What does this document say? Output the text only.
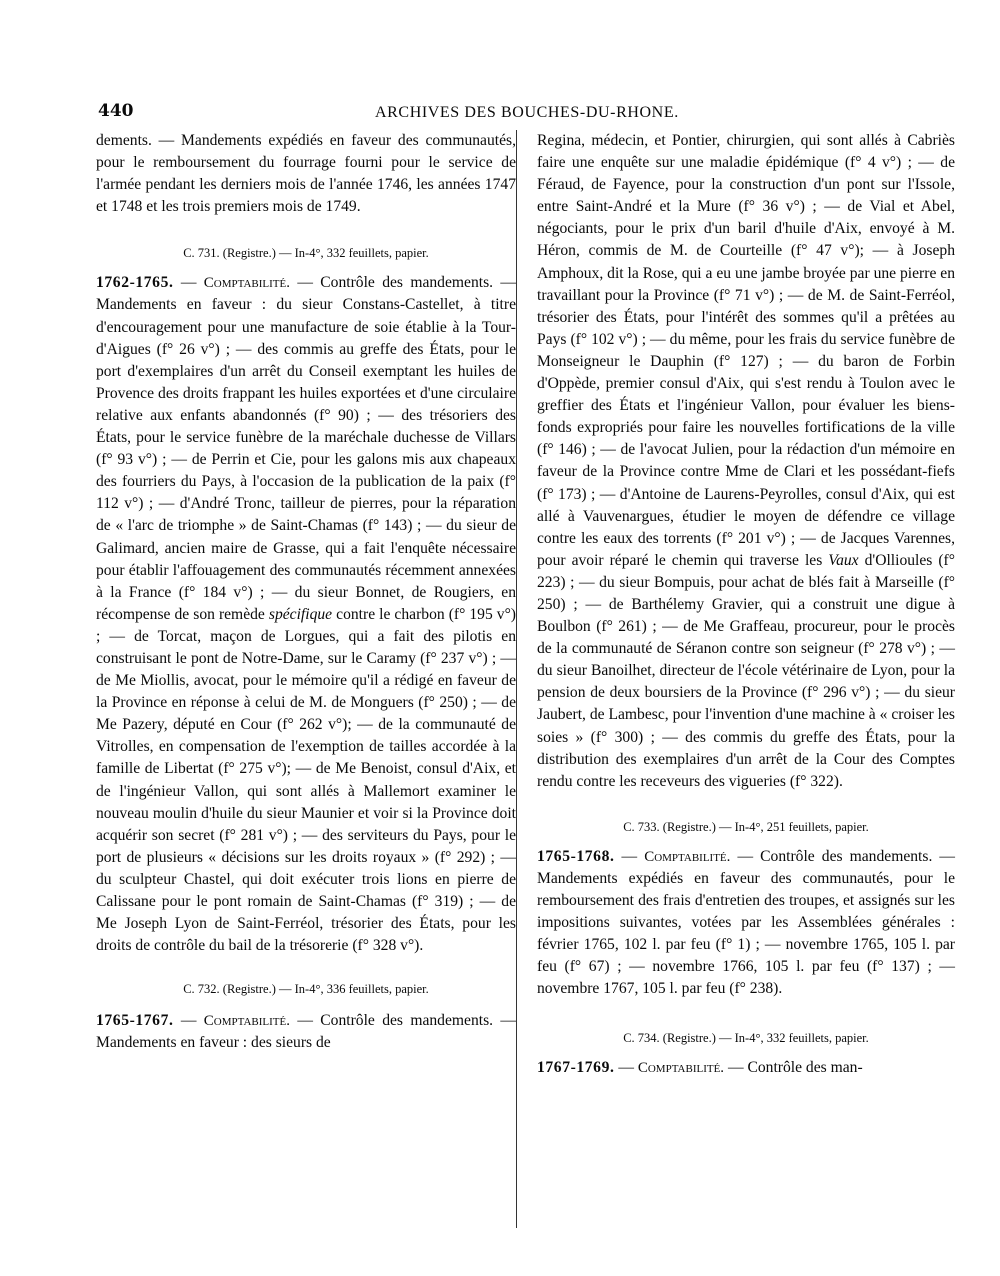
440	ARCHIVES DES BOUCHES-DU-RHONE.

dements. — Mandements expédiés en faveur des communautés, pour le remboursement du fourrage fourni pour le service de l'armée pendant les derniers mois de l'année 1746, les années 1747 et 1748 et les trois premiers mois de 1749.

C. 731. (Registre.) — In-4°, 332 feuillets, papier.

1762-1765. — Comptabilité. — Contrôle des mandements. — Mandements en faveur : du sieur Constans-Castellet, à titre d'encouragement pour une manufacture de soie établie à la Tour-d'Aigues (f° 26 v°) ; — des commis au greffe des États, pour le port d'exemplaires d'un arrêt du Conseil exemptant les huiles de Provence des droits frappant les huiles exportées et d'une circulaire relative aux enfants abandonnés (f° 90) ; — des trésoriers des États, pour le service funèbre de la maréchale duchesse de Villars (f° 93 v°) ; — de Perrin et Cie, pour les galons mis aux chapeaux des fourriers du Pays, à l'occasion de la publication de la paix (f° 112 v°) ; — d'André Tronc, tailleur de pierres, pour la réparation de « l'arc de triomphe » de Saint-Chamas (f° 143) ; — du sieur de Galimard, ancien maire de Grasse, qui a fait l'enquête nécessaire pour établir l'affouagement des communautés récemment annexées à la France (f° 184 v°) ; — du sieur Bonnet, de Rougiers, en récompense de son remède spécifique contre le charbon (f° 195 v°) ; — de Torcat, maçon de Lorgues, qui a fait des pilotis en construisant le pont de Notre-Dame, sur le Caramy (f° 237 v°) ; — de Me Miollis, avocat, pour le mémoire qu'il a rédigé en faveur de la Province en réponse à celui de M. de Monguers (f° 250) ; — de Me Pazery, député en Cour (f° 262 v°); — de la communauté de Vitrolles, en compensation de l'exemption de tailles accordée à la famille de Libertat (f° 275 v°); — de Me Benoist, consul d'Aix, et de l'ingénieur Vallon, qui sont allés à Mallemort examiner le nouveau moulin d'huile du sieur Maunier et voir si la Province doit acquérir son secret (f° 281 v°) ; — des serviteurs du Pays, pour le port de plusieurs « décisions sur les droits royaux » (f° 292) ; — du sculpteur Chastel, qui doit exécuter trois lions en pierre de Calissane pour le pont romain de Saint-Chamas (f° 319) ; — de Me Joseph Lyon de Saint-Ferréol, trésorier des États, pour les droits de contrôle du bail de la trésorerie (f° 328 v°).

C. 732. (Registre.) — In-4°, 336 feuillets, papier.

1765-1767. — Comptabilité. — Contrôle des mandements. — Mandements en faveur : des sieurs de

Regina, médecin, et Pontier, chirurgien, qui sont allés à Cabriès faire une enquête sur une maladie épidémique (f° 4 v°) ; — de Féraud, de Fayence, pour la construction d'un pont sur l'Issole, entre Saint-André et la Mure (f° 36 v°) ; — de Vial et Abel, négociants, pour le prix d'un baril d'huile d'Aix, envoyé à M. Héron, commis de M. de Courteille (f° 47 v°); — à Joseph Amphoux, dit la Rose, qui a eu une jambe broyée par une pierre en travaillant pour la Province (f° 71 v°) ; — de M. de Saint-Ferréol, trésorier des États, pour l'intérêt des sommes qu'il a prêtées au Pays (f° 102 v°) ; — du même, pour les frais du service funèbre de Monseigneur le Dauphin (f° 127) ; — du baron de Forbin d'Oppède, premier consul d'Aix, qui s'est rendu à Toulon avec le greffier des États et l'ingénieur Vallon, pour évaluer les biens-fonds expropriés pour faire les nouvelles fortifications de la ville (f° 146) ; — de l'avocat Julien, pour la rédaction d'un mémoire en faveur de la Province contre Mme de Clari et les possédant-fiefs (f° 173) ; — d'Antoine de Laurens-Peyrolles, consul d'Aix, qui est allé à Vauvenargues, étudier le moyen de défendre ce village contre les eaux des torrents (f° 201 v°) ; — de Jacques Varennes, pour avoir réparé le chemin qui traverse les Vaux d'Ollioules (f° 223) ; — du sieur Bompuis, pour achat de blés fait à Marseille (f° 250) ; — de Barthélemy Gravier, qui a construit une digue à Boulbon (f° 261) ; — de Me Graffeau, procureur, pour le procès de la communauté de Séranon contre son seigneur (f° 278 v°) ; — du sieur Banoilhet, directeur de l'école vétérinaire de Lyon, pour la pension de deux boursiers de la Province (f° 296 v°) ; — du sieur Jaubert, de Lambesc, pour l'invention d'une machine à « croiser les soies » (f° 300) ; — des commis du greffe des États, pour la distribution des exemplaires d'un arrêt de la Cour des Comptes rendu contre les receveurs des vigueries (f° 322).

C. 733. (Registre.) — In-4°, 251 feuillets, papier.

1765-1768. — Comptabilité. — Contrôle des mandements. — Mandements expédiés en faveur des communautés, pour le remboursement des frais d'entretien des troupes, et assignés sur les impositions suivantes, votées par les Assemblées générales : février 1765, 102 l. par feu (f° 1) ; — novembre 1765, 105 l. par feu (f° 67) ; — novembre 1766, 105 l. par feu (f° 137) ; — novembre 1767, 105 l. par feu (f° 238).

C. 734. (Registre.) — In-4°, 332 feuillets, papier.

1767-1769. — Comptabilité. — Contrôle des man-
